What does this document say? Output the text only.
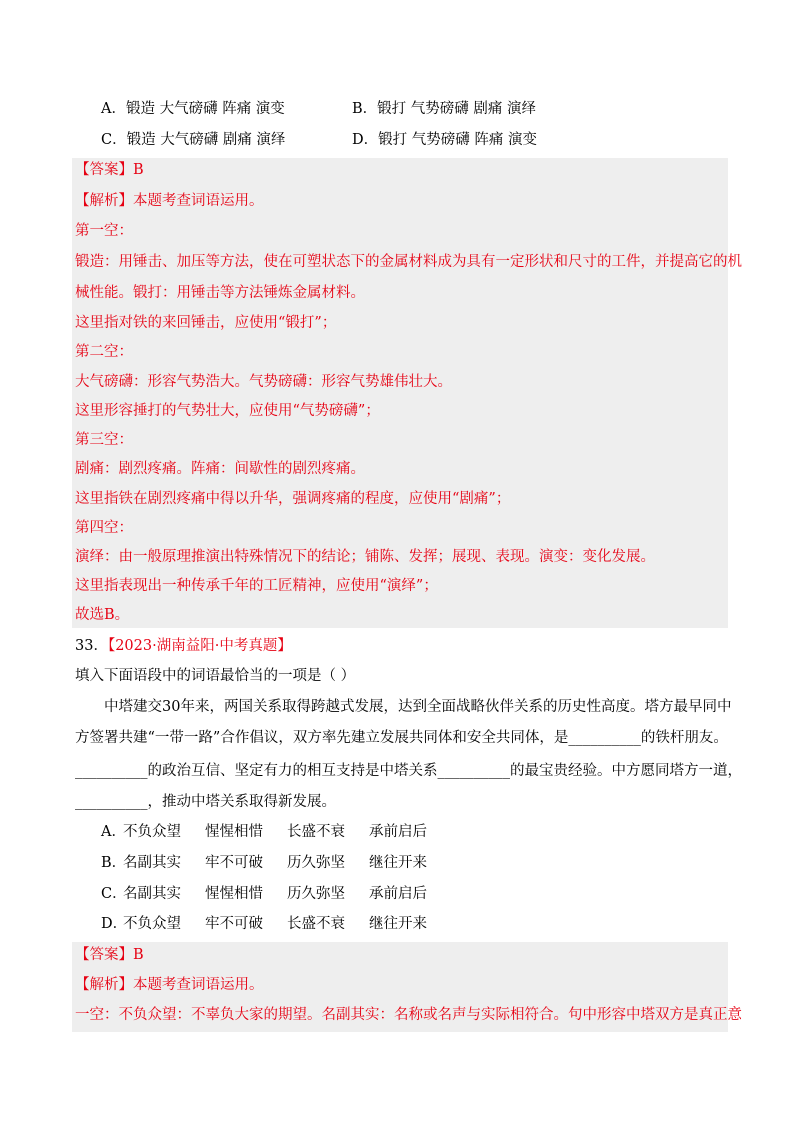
A．锻造 大气磅礴 阵痛 演变	B．锻打 气势磅礴 剧痛 演绎
C．锻造 大气磅礴 剧痛 演绎	D．锻打 气势磅礴 阵痛 演变
【答案】B
【解析】本题考查词语运用。
第一空：
锻造：用锤击、加压等方法，使在可塑状态下的金属材料成为具有一定形状和尺寸的工件，并提高它的机
械性能。锻打：用锤击等方法锤炼金属材料。
这里指对铁的来回锤击，应使用“锻打”；
第二空：
大气磅礴：形容气势浩大。气势磅礴：形容气势雄伟壮大。
这里形容捶打的气势壮大，应使用“气势磅礴”；
第三空：
剧痛：剧烈疼痛。阵痛：间歇性的剧烈疼痛。
这里指铁在剧烈疼痛中得以升华，强调疼痛的程度，应使用“剧痛”；
第四空：
演绎：由一般原理推演出特殊情况下的结论；铺陈、发挥；展现、表现。演变：变化发展。
这里指表现出一种传承千年的工匠精神，应使用“演绎”；
故选B。
33．【2023·湖南益阳·中考真题】
填入下面语段中的词语最恰当的一项是（ ）
中塔建交30年来，两国关系取得跨越式发展，达到全面战略伙伴关系的历史性高度。塔方最早同中
方签署共建“一带一路”合作倡议，双方率先建立发展共同体和安全共同体，是__________的铁杆朋友。
__________的政治互信、坚定有力的相互支持是中塔关系__________的最宝贵经验。中方愿同塔方一道，
__________，推动中塔关系取得新发展。
A．不负众望 惺惺相惜 长盛不衰 承前启后
B．名副其实 牢不可破 历久弥坚 继往开来
C．名副其实 惺惺相惜 历久弥坚 承前启后
D．不负众望 牢不可破 长盛不衰 继往开来
【答案】B
【解析】本题考查词语运用。
一空：不负众望：不辜负大家的期望。名副其实：名称或名声与实际相符合。句中形容中塔双方是真正意
